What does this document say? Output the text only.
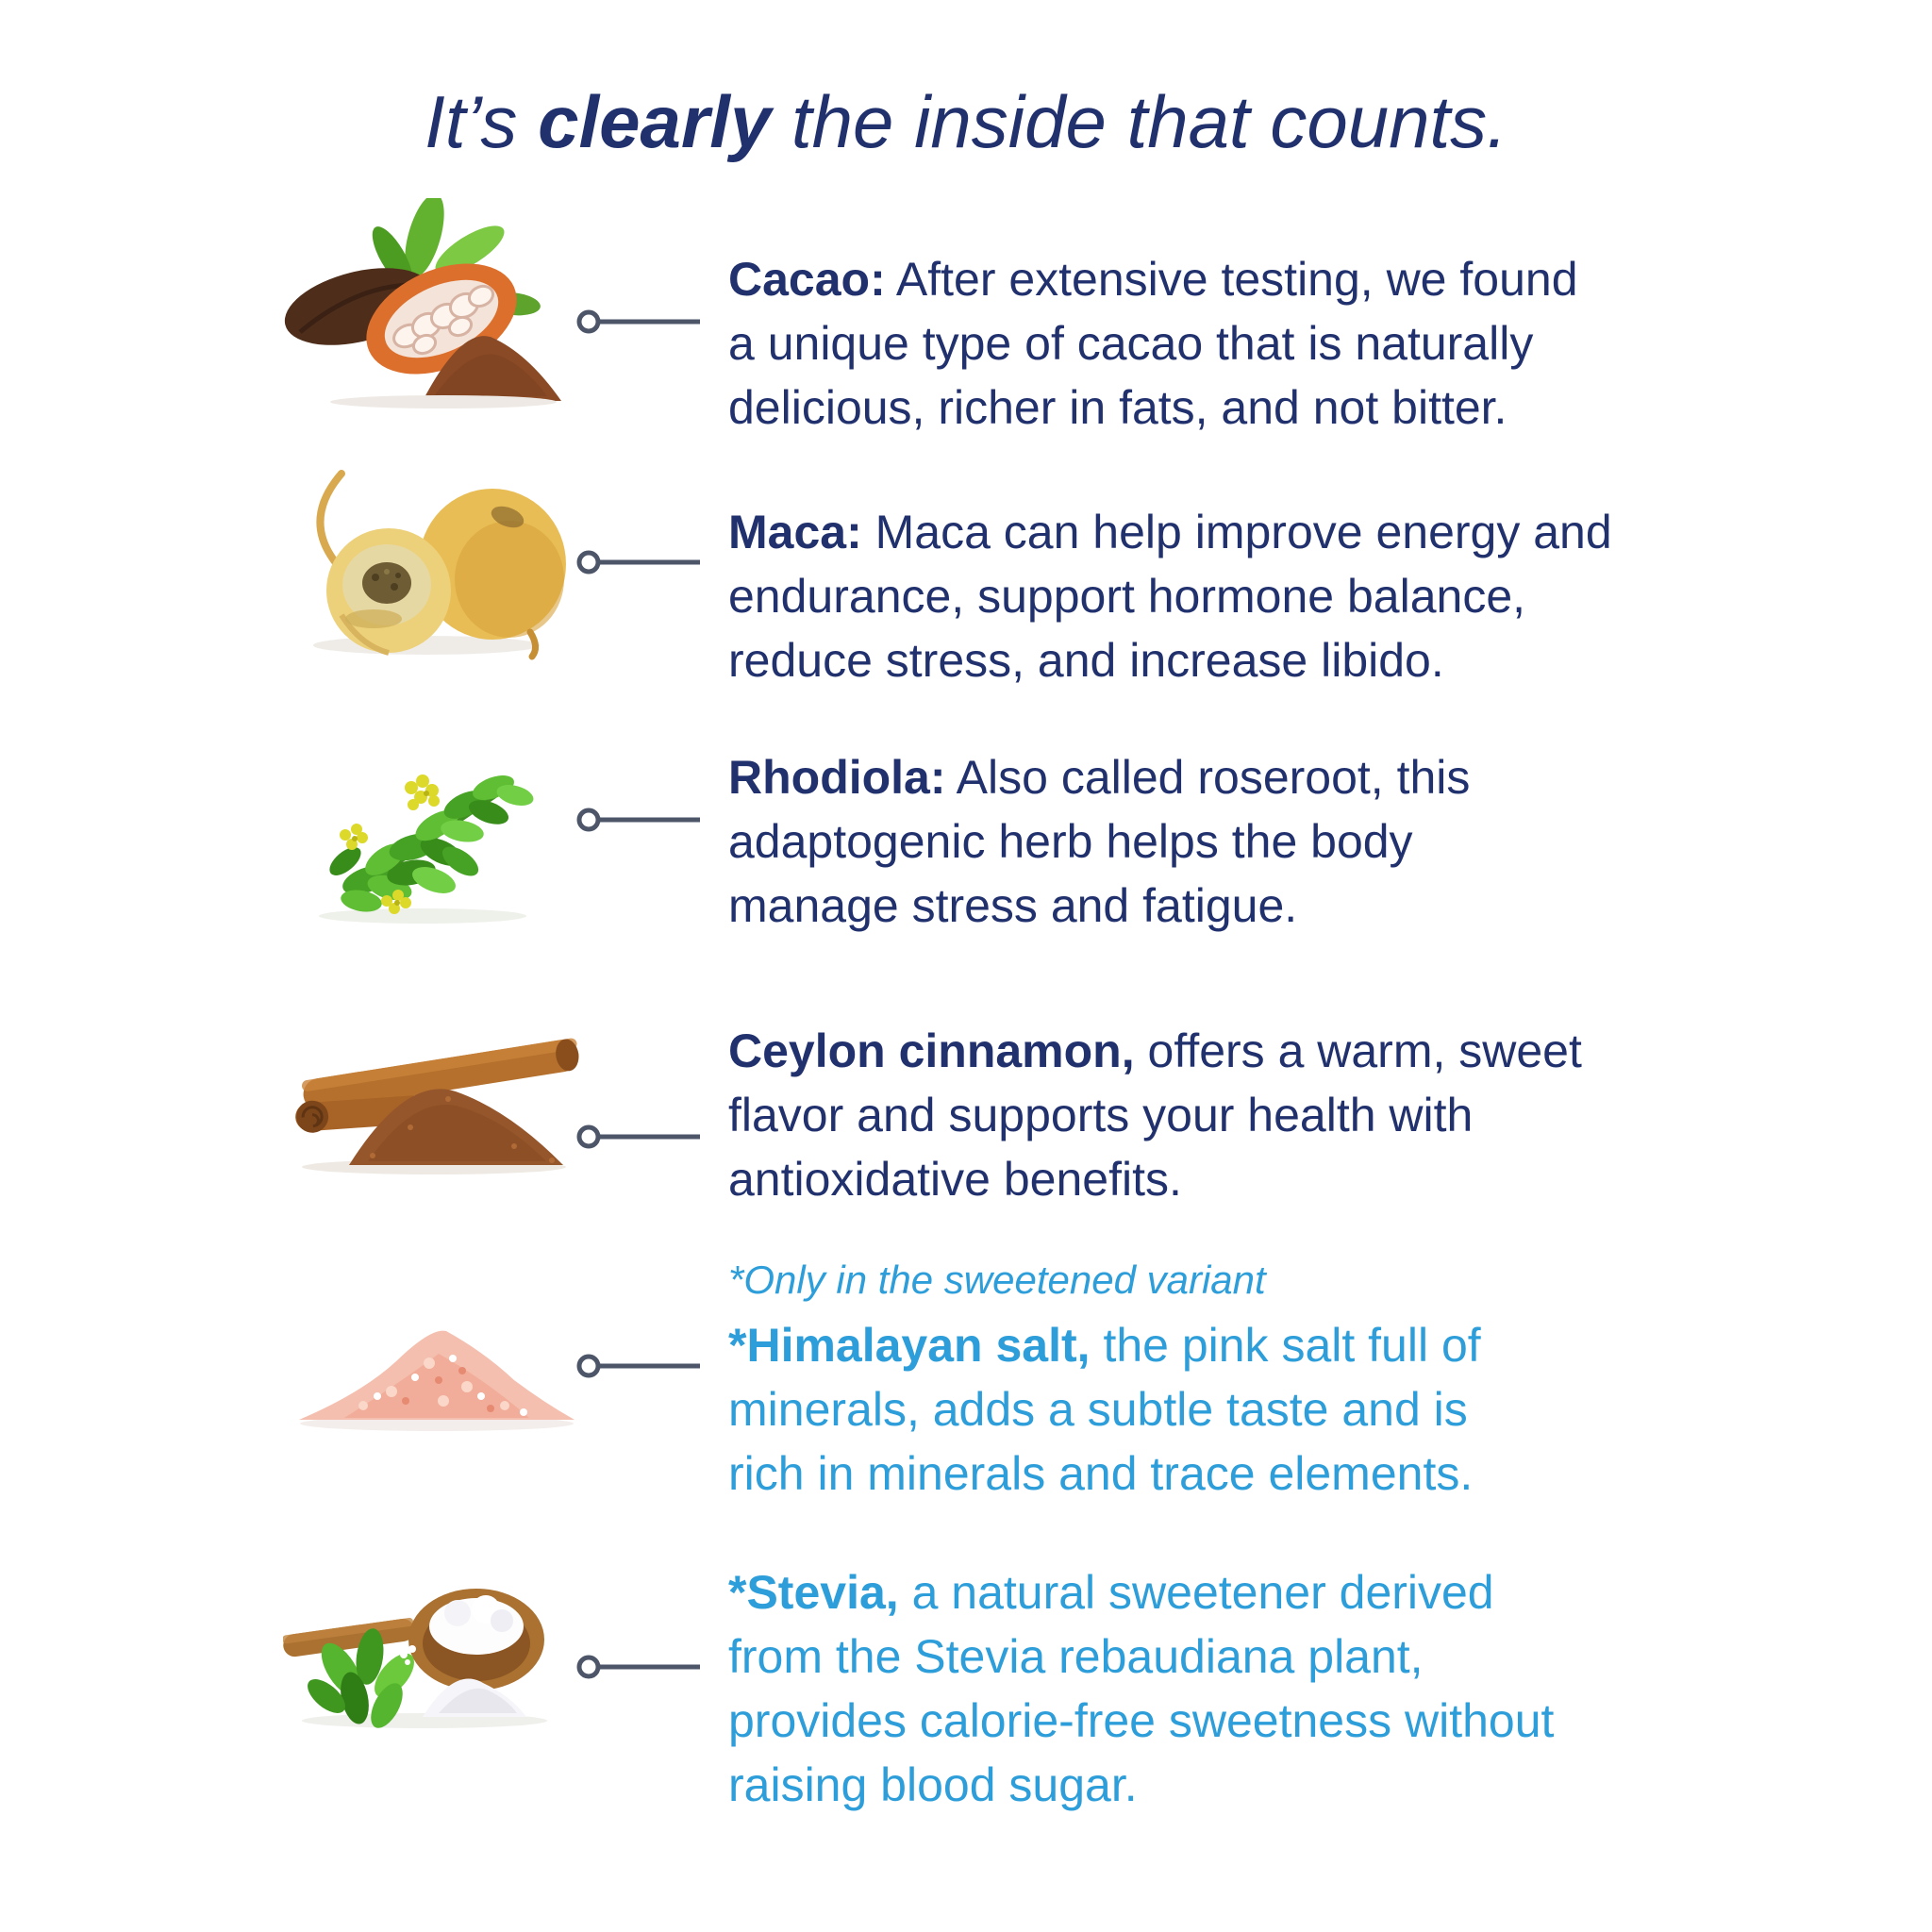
It’s clearly the inside that counts.
Cacao: After extensive testing, we found
a unique type of cacao that is naturally
delicious, richer in fats, and not bitter.
Maca: Maca can help improve energy and
endurance, support hormone balance,
reduce stress, and increase libido.
Rhodiola: Also called roseroot, this
adaptogenic herb helps the body
manage stress and fatigue.
Ceylon cinnamon, offers a warm, sweet
flavor and supports your health with
antioxidative benefits.
*Only in the sweetened variant
*Himalayan salt, the pink salt full of
minerals, adds a subtle taste and is
rich in minerals and trace elements.
*Stevia, a natural sweetener derived
from the Stevia rebaudiana plant,
provides calorie-free sweetness without
raising blood sugar.
